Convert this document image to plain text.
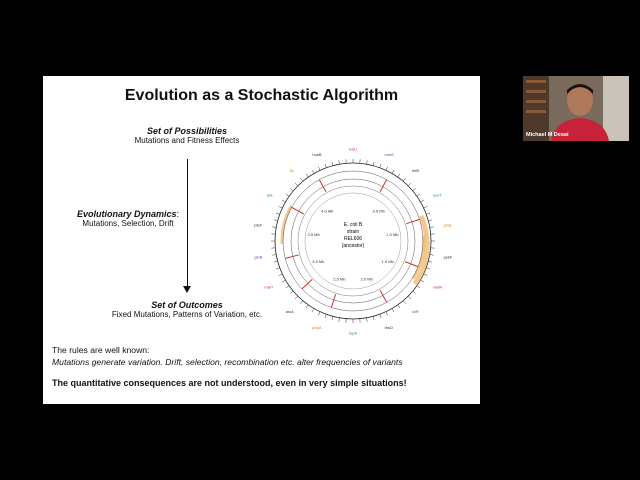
Evolution as a Stochastic Algorithm
Set of Possibilities
Mutations and Fitness Effects
Evolutionary Dynamics:
Mutations, Selection, Drift
Set of Outcomes
Fixed Mutations, Patterns of Variation, etc.
E. coli B
strain
REL606
(ancestor)
0.5 Mb
1.0 Mb
1.5 Mb
2.0 Mb
2.5 Mb
3.0 Mb
3.5 Mb
4.0 Mb
hslU
mutS
infB
spoT
ybaL
pykF
nadR
iclR
rbsD
topA
pbpA
arcA
malT
glnB
ydcF
rplL
fis
hokB
The rules are well known:
Mutations generate variation. Drift, selection, recombination etc. alter frequencies of variants
The quantitative consequences are not understood, even in very simple situations!
Michael M Desai
